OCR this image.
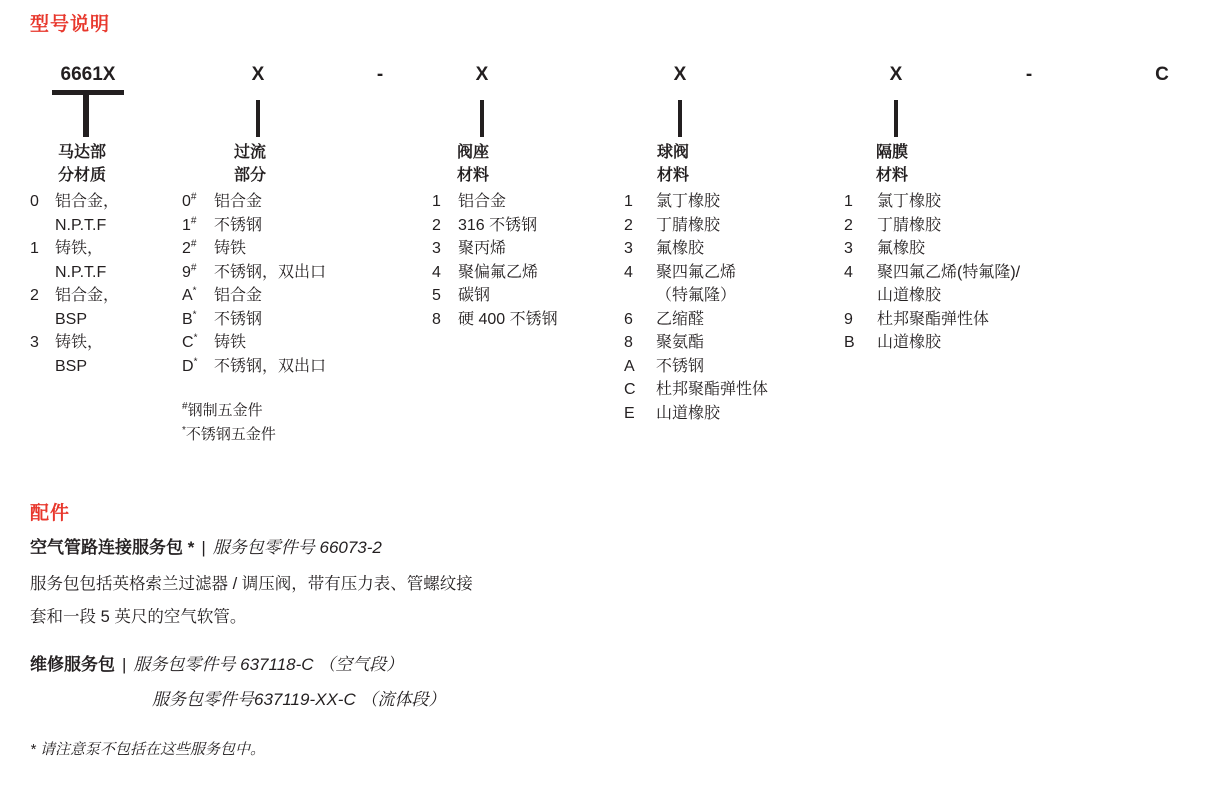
型号说明
6661X	X	-	X	X	X	-	C
马达部
分材质
过流
部分
阀座
材料
球阀
材料
隔膜
材料
0 铝合金，
N.P.T.F
1 铸铁，
N.P.T.F
2 铝合金，
BSP
3 铸铁，
BSP
0# 铝合金
1# 不锈钢
2# 铸铁
9# 不锈钢，双出口
A* 铝合金
B* 不锈钢
C* 铸铁
D* 不锈钢，双出口
#钢制五金件
*不锈钢五金件
1 铝合金
2 316 不锈钢
3 聚丙烯
4 聚偏氟乙烯
5 碳钢
8 硬 400 不锈钢
1 氯丁橡胶
2 丁腈橡胶
3 氟橡胶
4 聚四氟乙烯
（特氟隆）
6 乙缩醛
8 聚氨酯
A 不锈钢
C 杜邦聚酯弹性体
E 山道橡胶
1 氯丁橡胶
2 丁腈橡胶
3 氟橡胶
4 聚四氟乙烯(特氟隆)/
山道橡胶
9 杜邦聚酯弹性体
B 山道橡胶
配件
空气管路连接服务包 * | 服务包零件号 66073-2
服务包包括英格索兰过滤器 / 调压阀，带有压力表、管螺纹接
套和一段 5 英尺的空气软管。
维修服务包 | 服务包零件号 637118-C （空气段）
服务包零件号637119-XX-C （流体段）
* 请注意泵不包括在这些服务包中。
